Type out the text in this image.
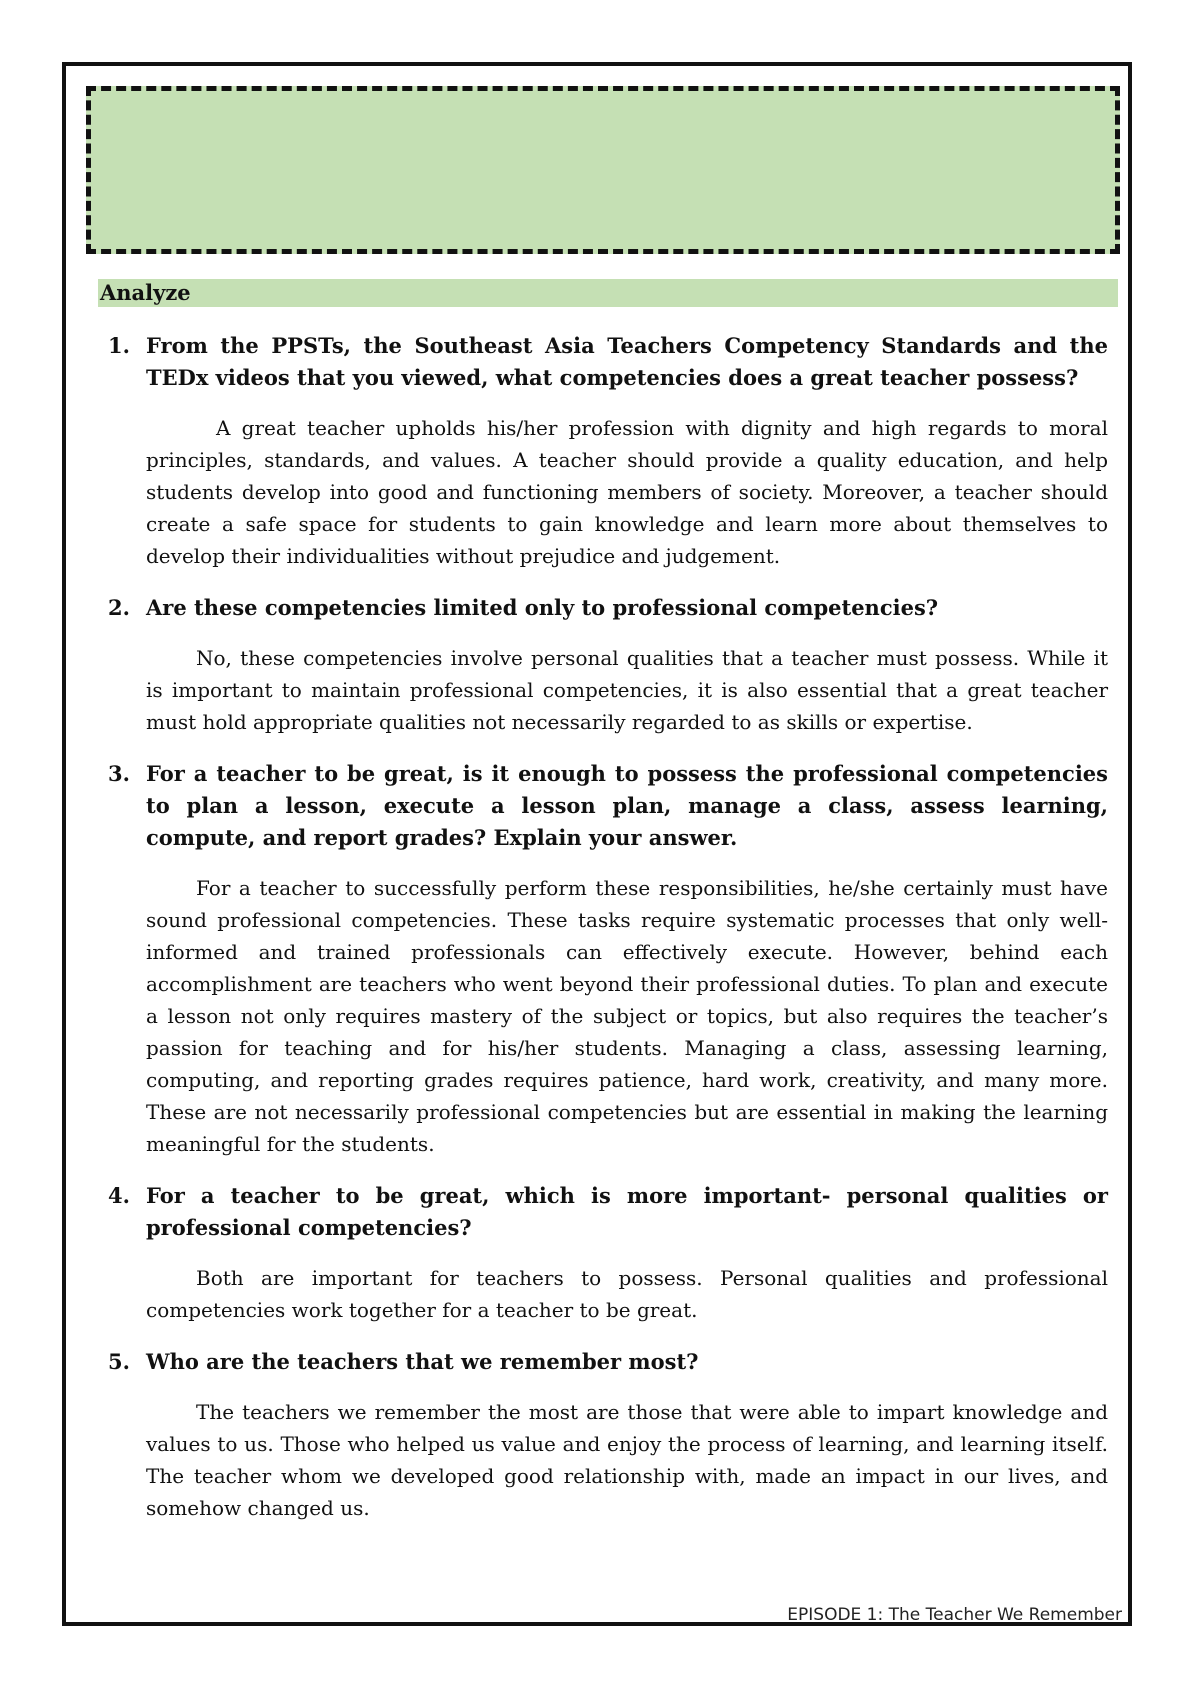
Analyze
1. From the PPSTs, the Southeast Asia Teachers Competency Standards and the TEDx videos that you viewed, what competencies does a great teacher possess?

A great teacher upholds his/her profession with dignity and high regards to moral principles, standards, and values. A teacher should provide a quality education, and help students develop into good and functioning members of society. Moreover, a teacher should create a safe space for students to gain knowledge and learn more about themselves to develop their individualities without prejudice and judgement.

2. Are these competencies limited only to professional competencies?

No, these competencies involve personal qualities that a teacher must possess. While it is important to maintain professional competencies, it is also essential that a great teacher must hold appropriate qualities not necessarily regarded to as skills or expertise.

3. For a teacher to be great, is it enough to possess the professional competencies to plan a lesson, execute a lesson plan, manage a class, assess learning, compute, and report grades? Explain your answer.

For a teacher to successfully perform these responsibilities, he/she certainly must have sound professional competencies. These tasks require systematic processes that only well-informed and trained professionals can effectively execute. However, behind each accomplishment are teachers who went beyond their professional duties. To plan and execute a lesson not only requires mastery of the subject or topics, but also requires the teacher’s passion for teaching and for his/her students. Managing a class, assessing learning, computing, and reporting grades requires patience, hard work, creativity, and many more. These are not necessarily professional competencies but are essential in making the learning meaningful for the students.

4. For a teacher to be great, which is more important- personal qualities or professional competencies?

Both are important for teachers to possess. Personal qualities and professional competencies work together for a teacher to be great.

5. Who are the teachers that we remember most?

The teachers we remember the most are those that were able to impart knowledge and values to us. Those who helped us value and enjoy the process of learning, and learning itself. The teacher whom we developed good relationship with, made an impact in our lives, and somehow changed us.

EPISODE 1: The Teacher We Remember
